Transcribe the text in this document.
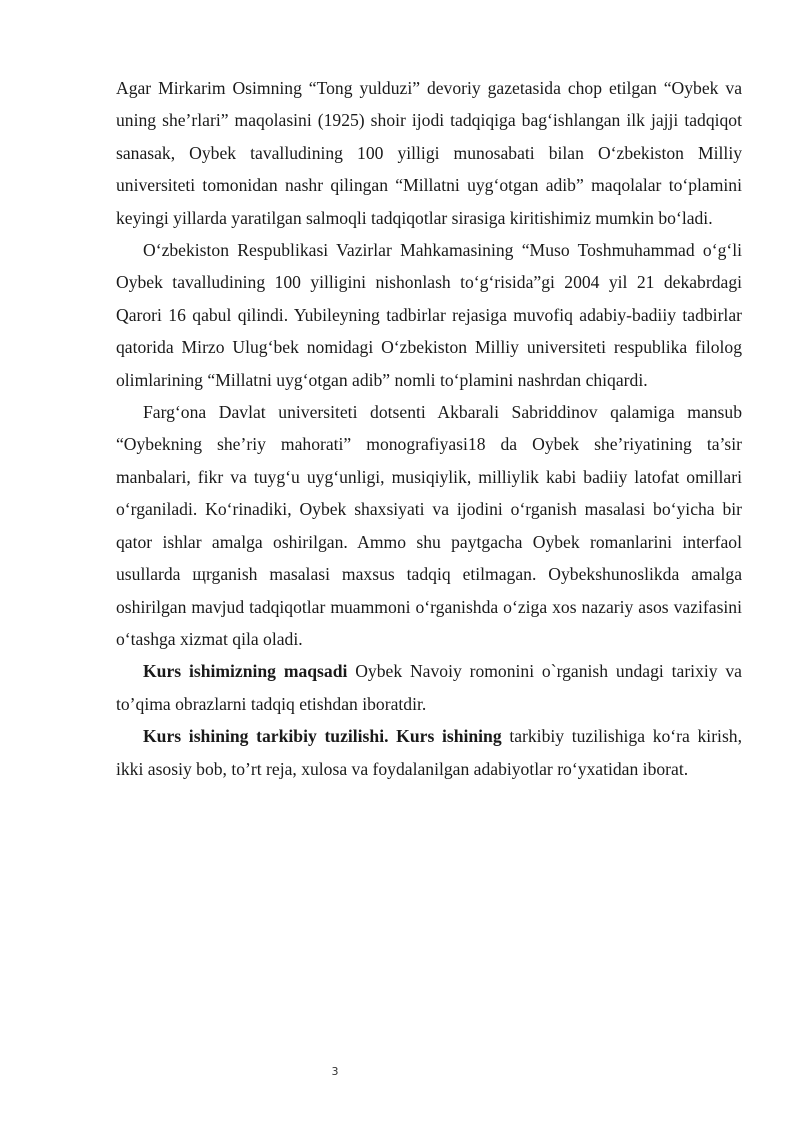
Agar Mirkarim Osimning “Tong yulduzi” devoriy gazetasida chop etilgan “Oybek va uning she’rlari” maqolasini (1925) shoir ijodi tadqiqiga bag‘ishlangan ilk jajji tadqiqot sanasak, Oybek tavalludining 100 yilligi munosabati bilan O‘zbekiston Milliy universiteti tomonidan nashr qilingan “Millatni uyg‘otgan adib” maqolalar to‘plamini keyingi yillarda yaratilgan salmoqli tadqiqotlar sirasiga kiritishimiz mumkin bo‘ladi.

O‘zbekiston Respublikasi Vazirlar Mahkamasining “Muso Toshmuhammad o‘g‘li Oybek tavalludining 100 yilligini nishonlash to‘g‘risida”gi 2004 yil 21 dekabrdagi Qarori 16 qabul qilindi. Yubileyning tadbirlar rejasiga muvofiq adabiy-badiiy tadbirlar qatorida Mirzo Ulug‘bek nomidagi O‘zbekiston Milliy universiteti respublika filolog olimlarining “Millatni uyg‘otgan adib” nomli to‘plamini nashrdan chiqardi.

Farg‘ona Davlat universiteti dotsenti Akbarali Sabriddinov qalamiga mansub “Oybekning she’riy mahorati” monografiyasi18 da Oybek she’riyatining ta’sir manbalari, fikr va tuyg‘u uyg‘unligi, musiqiylik, milliylik kabi badiiy latofat omillari o‘rganiladi. Ko‘rinadiki, Oybek shaxsiyati va ijodini o‘rganish masalasi bo‘yicha bir qator ishlar amalga oshirilgan. Ammo shu paytgacha Oybek romanlarini interfaol usullarda щrganish masalasi maxsus tadqiq etilmagan. Oybekshunoslikda amalga oshirilgan mavjud tadqiqotlar muammoni o‘rganishda o‘ziga xos nazariy asos vazifasini o‘tashga xizmat qila oladi.

Kurs ishimizning maqsadi Oybek Navoiy romonini o`rganish undagi tarixiy va to’qima obrazlarni tadqiq etishdan iboratdir.

Kurs ishining tarkibiy tuzilishi. Kurs ishining tarkibiy tuzilishiga ko‘ra kirish, ikki asosiy bob, to’rt reja, xulosa va foydalanilgan adabiyotlar ro‘yxatidan iborat.

3
